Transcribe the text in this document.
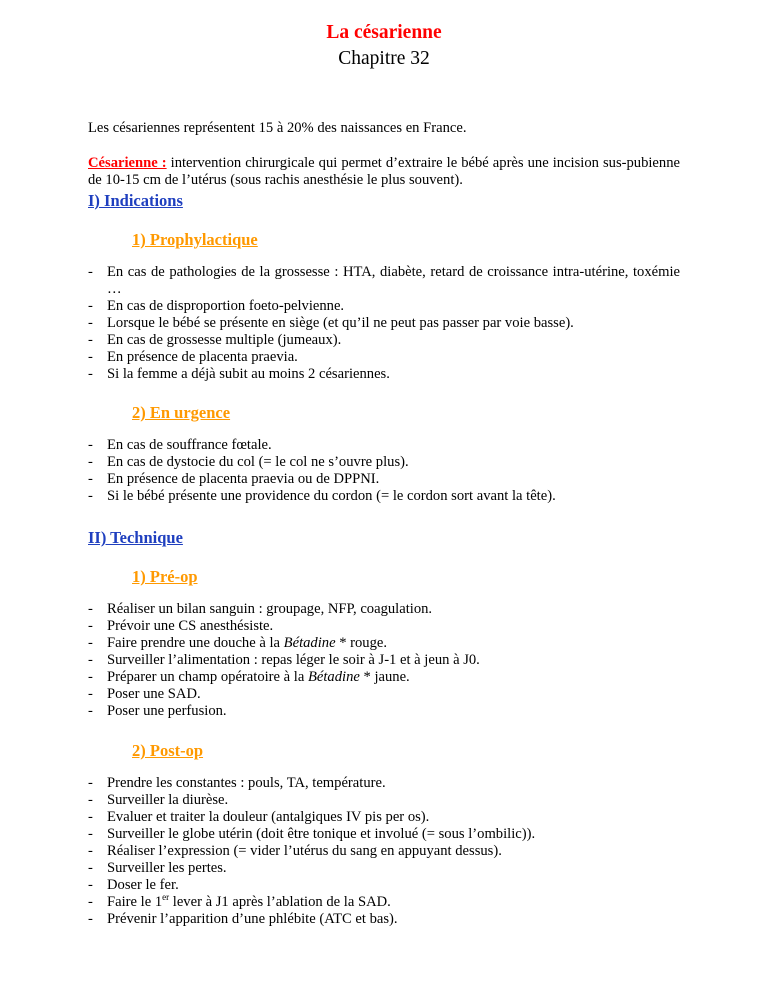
La césarienne
Chapitre 32
Les césariennes représentent 15 à 20% des naissances en France.
Césarienne : intervention chirurgicale qui permet d’extraire le bébé après une incision sus-pubienne de 10-15 cm de l’utérus (sous rachis anesthésie le plus souvent).
I) Indications
1) Prophylactique
- En cas de pathologies de la grossesse : HTA, diabète, retard de croissance intra-utérine, toxémie …
- En cas de disproportion foeto-pelvienne.
- Lorsque le bébé se présente en siège (et qu’il ne peut pas passer par voie basse).
- En cas de grossesse multiple (jumeaux).
- En présence de placenta praevia.
- Si la femme a déjà subit au moins 2 césariennes.
2) En urgence
- En cas de souffrance fœtale.
- En cas de dystocie du col (= le col ne s’ouvre plus).
- En présence de placenta praevia ou de DPPNI.
- Si le bébé présente une providence du cordon (= le cordon sort avant la tête).
II) Technique
1) Pré-op
- Réaliser un bilan sanguin : groupage, NFP, coagulation.
- Prévoir une CS anesthésiste.
- Faire prendre une douche à la Bétadine * rouge.
- Surveiller l’alimentation : repas léger le soir à J-1 et à jeun à J0.
- Préparer un champ opératoire à la Bétadine * jaune.
- Poser une SAD.
- Poser une perfusion.
2) Post-op
- Prendre les constantes : pouls, TA, température.
- Surveiller la diurèse.
- Evaluer et traiter la douleur (antalgiques IV pis per os).
- Surveiller le globe utérin (doit être tonique et involué (= sous l’ombilic)).
- Réaliser l’expression (= vider l’utérus du sang en appuyant dessus).
- Surveiller les pertes.
- Doser le fer.
- Faire le 1er lever à J1 après l’ablation de la SAD.
- Prévenir l’apparition d’une phlébite (ATC et bas).
